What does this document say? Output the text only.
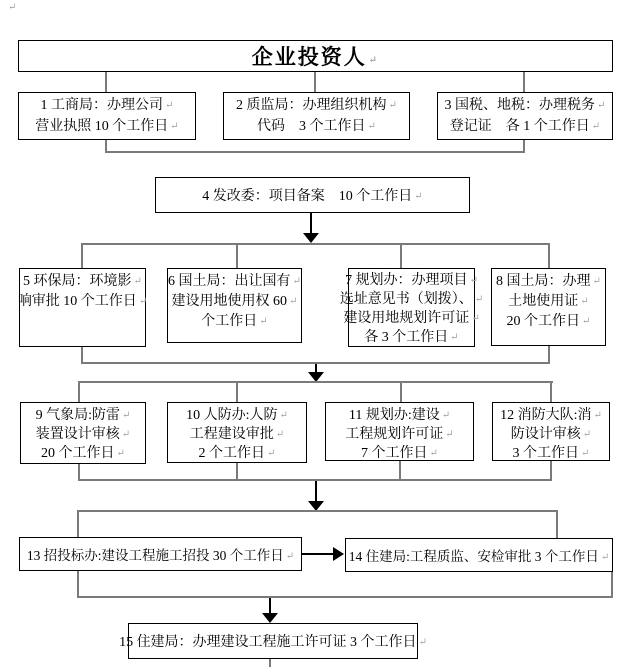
↵
企业投资人 ↵
1 工商局：办理公司 ↵
营业执照 10 个工作日 ↵
2 质监局：办理组织机构 ↵
代码　3 个工作日 ↵
3 国税、地税：办理税务 ↵
登记证　各 1 个工作日 ↵
4 发改委：项目备案　10 个工作日 ↵
5 环保局：环境影 ↵
响审批 10 个工作日 ↵
6 国土局：出让国有 ↵
建设用地使用权 60 ↵
个工作日 ↵
7 规划办：办理项目 ↵
选址意见书（划拨）、 ↵
建设用地规划许可证 ↵
各 3 个工作日 ↵
8 国土局：办理 ↵
土地使用证 ↵
20 个工作日 ↵
9 气象局:防雷 ↵
装置设计审核 ↵
20 个工作日 ↵
10 人防办:人防 ↵
工程建设审批 ↵
2 个工作日 ↵
11 规划办:建设 ↵
工程规划许可证 ↵
7 个工作日 ↵
12 消防大队:消 ↵
防设计审核 ↵
3 个工作日 ↵
13 招投标办:建设工程施工招投 30 个工作日 ↵	14 住建局:工程质监、安检审批 3 个工作日 ↵
15 住建局：办理建设工程施工许可证 3 个工作日 ↵
